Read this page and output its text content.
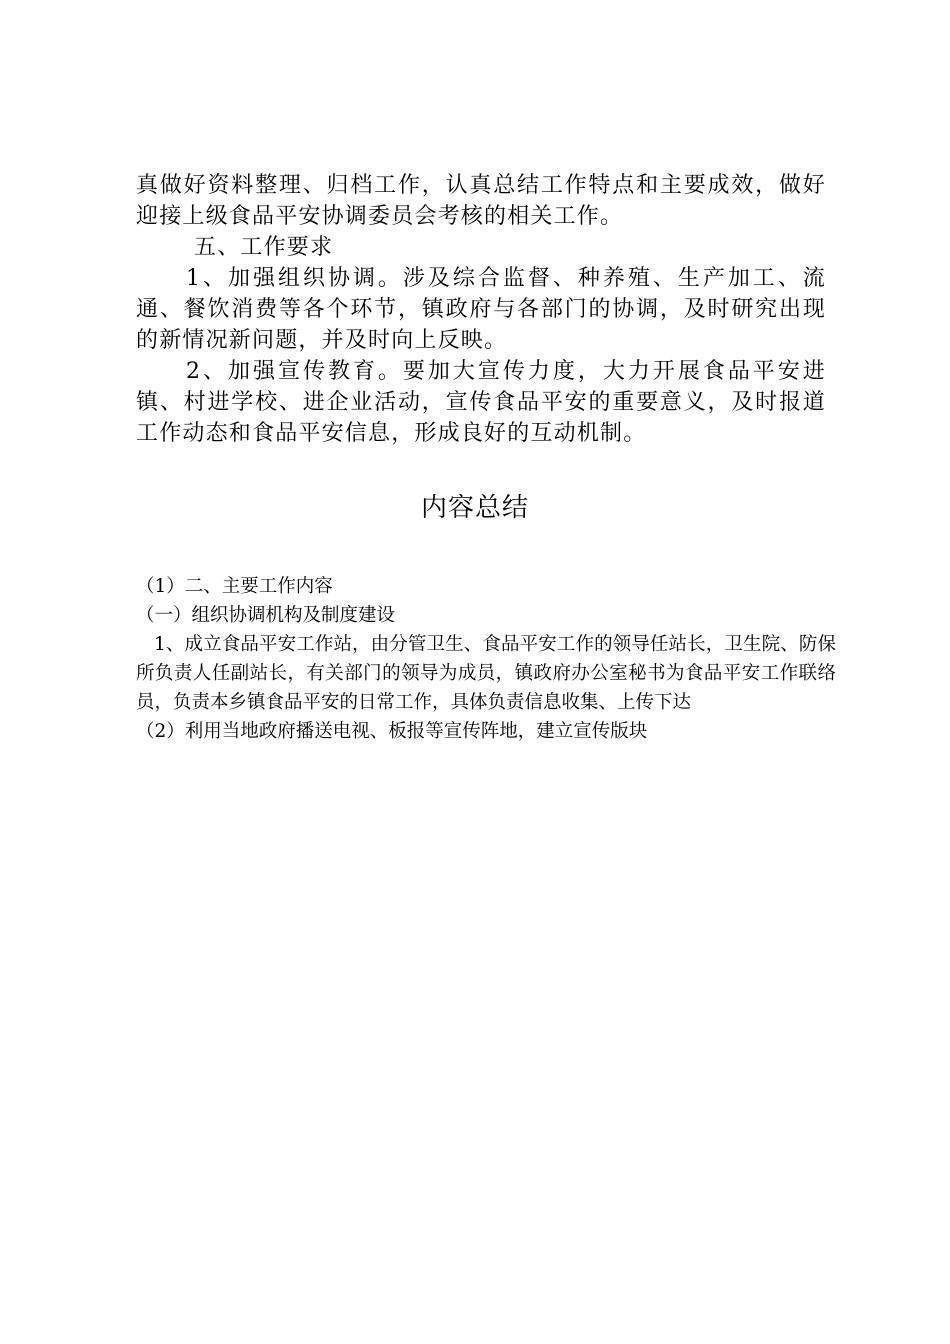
真做好资料整理、归档工作，认真总结工作特点和主要成效，做好迎接上级食品平安协调委员会考核的相关工作。

五、工作要求

1、加强组织协调。涉及综合监督、种养殖、生产加工、流通、餐饮消费等各个环节，镇政府与各部门的协调，及时研究出现的新情况新问题，并及时向上反映。

2、加强宣传教育。要加大宣传力度，大力开展食品平安进镇、村进学校、进企业活动，宣传食品平安的重要意义，及时报道工作动态和食品平安信息，形成良好的互动机制。

内容总结

（1）二、主要工作内容

（一）组织协调机构及制度建设

1、成立食品平安工作站，由分管卫生、食品平安工作的领导任站长，卫生院、防保所负责人任副站长，有关部门的领导为成员，镇政府办公室秘书为食品平安工作联络员，负责本乡镇食品平安的日常工作，具体负责信息收集、上传下达

（2）利用当地政府播送电视、板报等宣传阵地，建立宣传版块
